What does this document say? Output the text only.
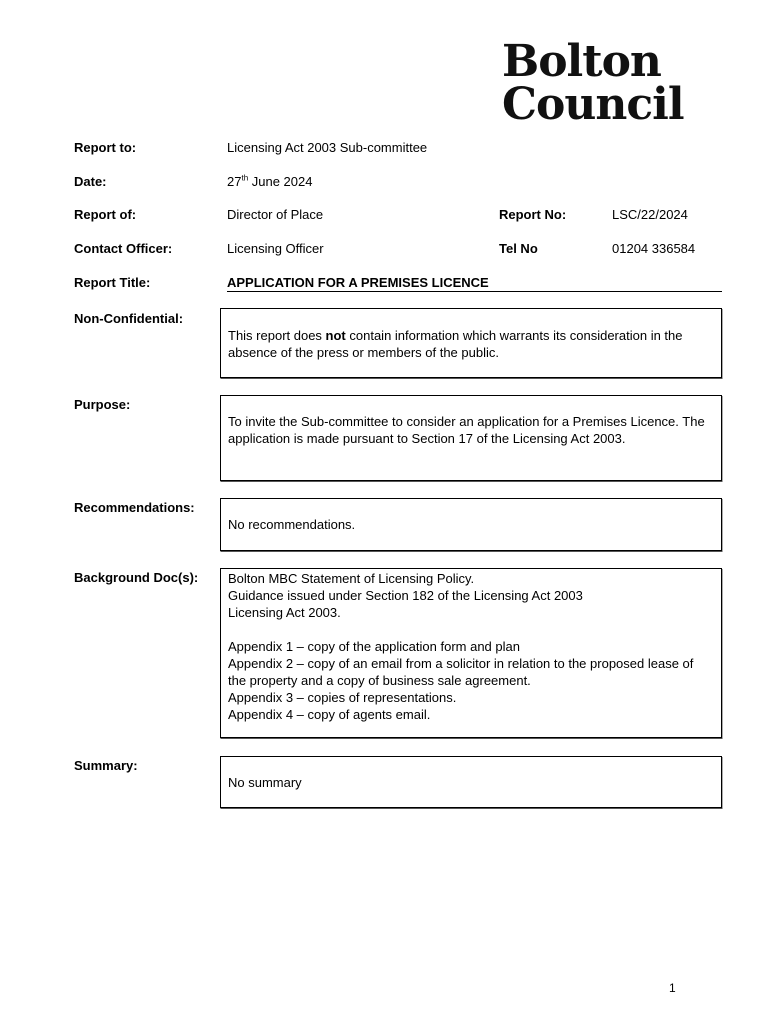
Bolton
Council
Report to:	Licensing Act 2003 Sub-committee
Date:	27th June 2024
Report of:	Director of Place	Report No:	LSC/22/2024
Contact Officer:	Licensing Officer	Tel No	01204 336584
Report Title:	APPLICATION FOR A PREMISES LICENCE
Non-Confidential:

This report does not contain information which warrants its consideration in the absence of the press or members of the public.

Purpose:

To invite the Sub-committee to consider an application for a Premises Licence. The application is made pursuant to Section 17 of the Licensing Act 2003.

Recommendations:

No recommendations.

Background Doc(s): Bolton MBC Statement of Licensing Policy.

Guidance issued under Section 182 of the Licensing Act 2003

Licensing Act 2003.

Appendix 1 – copy of the application form and plan

Appendix 2 – copy of an email from a solicitor in relation to the proposed lease of the property and a copy of business sale agreement.

Appendix 3 – copies of representations.

Appendix 4 – copy of agents email.

Summary:

No summary

1
